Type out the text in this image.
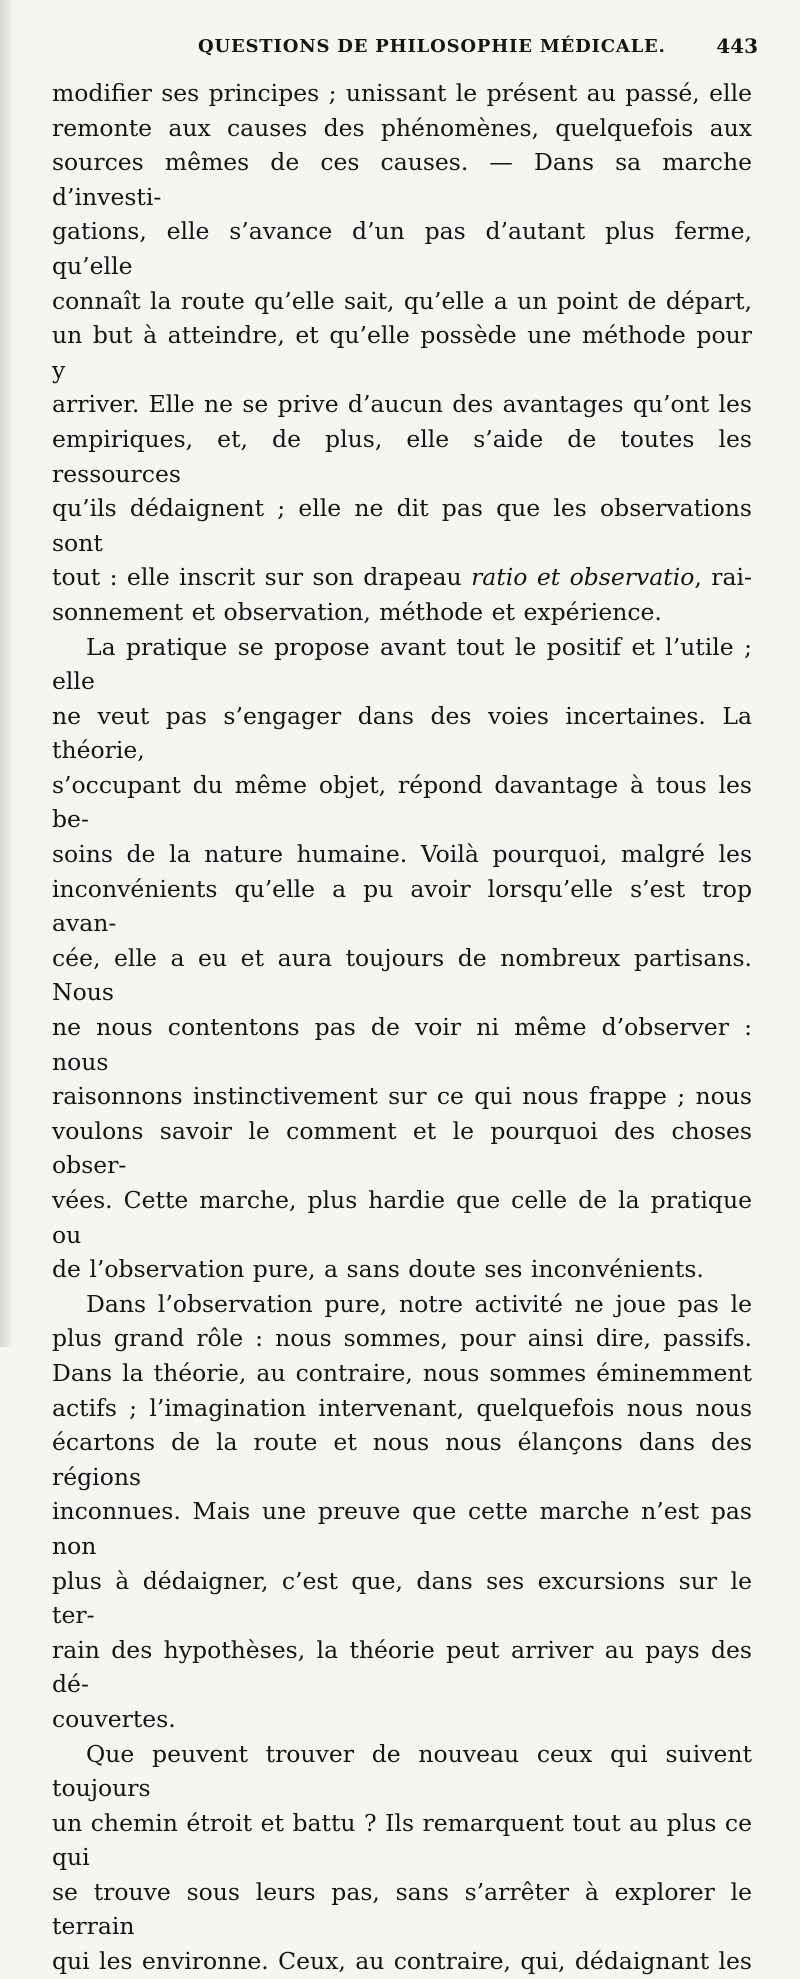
QUESTIONS DE PHILOSOPHIE MÉDICALE.	443

modifier ses principes ; unissant le présent au passé, elle
remonte aux causes des phénomènes, quelquefois aux
sources mêmes de ces causes. — Dans sa marche d’investi-
gations, elle s’avance d’un pas d’autant plus ferme, qu’elle
connaît la route qu’elle sait, qu’elle a un point de départ,
un but à atteindre, et qu’elle possède une méthode pour y
arriver. Elle ne se prive d’aucun des avantages qu’ont les
empiriques, et, de plus, elle s’aide de toutes les ressources
qu’ils dédaignent ; elle ne dit pas que les observations sont
tout : elle inscrit sur son drapeau ratio et observatio, rai-
sonnement et observation, méthode et expérience.

La pratique se propose avant tout le positif et l’utile ; elle
ne veut pas s’engager dans des voies incertaines. La théorie,
s’occupant du même objet, répond davantage à tous les be-
soins de la nature humaine. Voilà pourquoi, malgré les
inconvénients qu’elle a pu avoir lorsqu’elle s’est trop avan-
cée, elle a eu et aura toujours de nombreux partisans. Nous
ne nous contentons pas de voir ni même d’observer : nous
raisonnons instinctivement sur ce qui nous frappe ; nous
voulons savoir le comment et le pourquoi des choses obser-
vées. Cette marche, plus hardie que celle de la pratique ou
de l’observation pure, a sans doute ses inconvénients.

Dans l’observation pure, notre activité ne joue pas le
plus grand rôle : nous sommes, pour ainsi dire, passifs.
Dans la théorie, au contraire, nous sommes éminemment
actifs ; l’imagination intervenant, quelquefois nous nous
écartons de la route et nous nous élançons dans des régions
inconnues. Mais une preuve que cette marche n’est pas non
plus à dédaigner, c’est que, dans ses excursions sur le ter-
rain des hypothèses, la théorie peut arriver au pays des dé-
couvertes.

Que peuvent trouver de nouveau ceux qui suivent toujours
un chemin étroit et battu ? Ils remarquent tout au plus ce qui
se trouve sous leurs pas, sans s’arrêter à explorer le terrain
qui les environne. Ceux, au contraire, qui, dédaignant les
